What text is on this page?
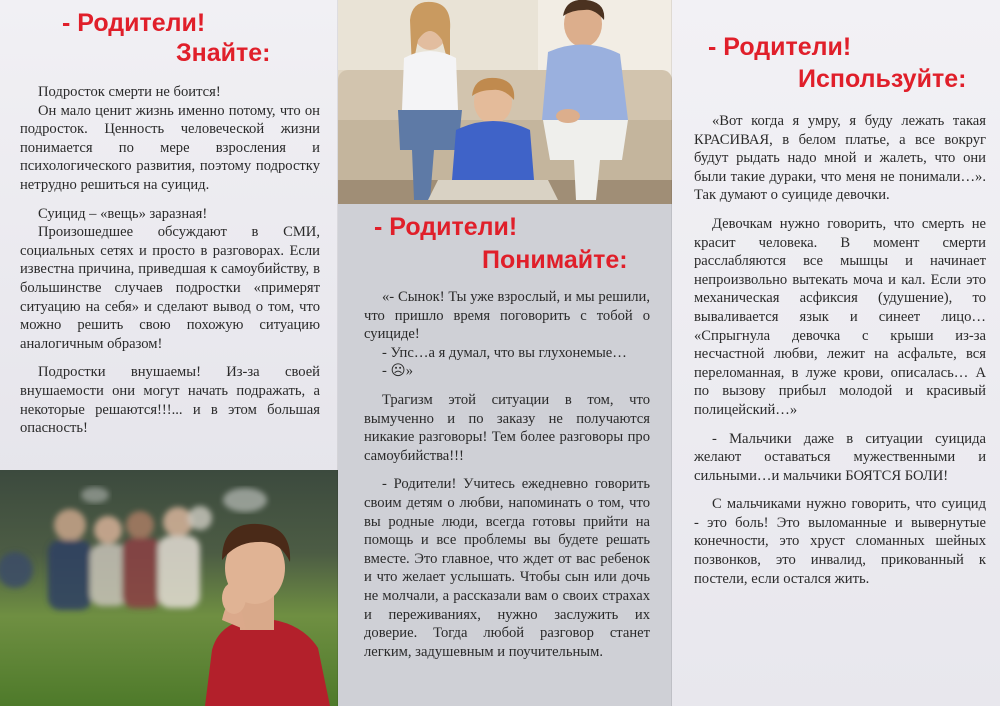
- Родители!
Знайте:

Подросток смерти не боится!

Он мало ценит жизнь именно потому, что он подросток. Ценность человеческой жизни понимается по мере взросления и психологического развития, поэтому подростку нетрудно решиться на суицид.

Суицид – «вещь» заразная!

Произошедшее обсуждают в СМИ, социальных сетях и просто в разговорах. Если известна причина, приведшая к самоубийству, в большинстве случаев подростки «примерят ситуацию на себя» и сделают вывод о том, что можно решить свою похожую ситуацию аналогичным образом!

Подростки внушаемы! Из-за своей внушаемости они могут начать подражать, а некоторые решаются!!!... и в этом большая опасность!

- Родители!
Понимайте:

«- Сынок! Ты уже взрослый, и мы решили, что пришло время поговорить с тобой о суициде!

- Упс…а я думал, что вы глухонемые…

- ☹»

Трагизм этой ситуации в том, что вымученно и по заказу не получаются никакие разговоры! Тем более разговоры про самоубийства!!!

- Родители! Учитесь ежедневно говорить своим детям о любви, напоминать о том, что вы родные люди, всегда готовы прийти на помощь и все проблемы вы будете решать вместе. Это главное, что ждет от вас ребенок и что желает услышать. Чтобы сын или дочь не молчали, а рассказали вам о своих страхах и переживаниях, нужно заслужить их доверие. Тогда любой разговор станет легким, задушевным и поучительным.

- Родители!
Используйте:

«Вот когда я умру, я буду лежать такая КРАСИВАЯ, в белом платье, а все вокруг будут рыдать надо мной и жалеть, что они были такие дураки, что меня не понимали…». Так думают о суициде девочки.

Девочкам нужно говорить, что смерть не красит человека. В момент смерти расслабляются все мышцы и начинает непроизвольно вытекать моча и кал. Если это механическая асфиксия (удушение), то вываливается язык и синеет лицо… «Спрыгнула девочка с крыши из-за несчастной любви, лежит на асфальте, вся переломанная, в луже крови, описалась… А по вызову прибыл молодой и красивый полицейский…»

- Мальчики даже в ситуации суицида желают оставаться мужественными и сильными…и мальчики БОЯТСЯ БОЛИ!

С мальчиками нужно говорить, что суицид - это боль! Это выломанные и вывернутые конечности, это хруст сломанных шейных позвонков, это инвалид, прикованный к постели, если остался жить.
